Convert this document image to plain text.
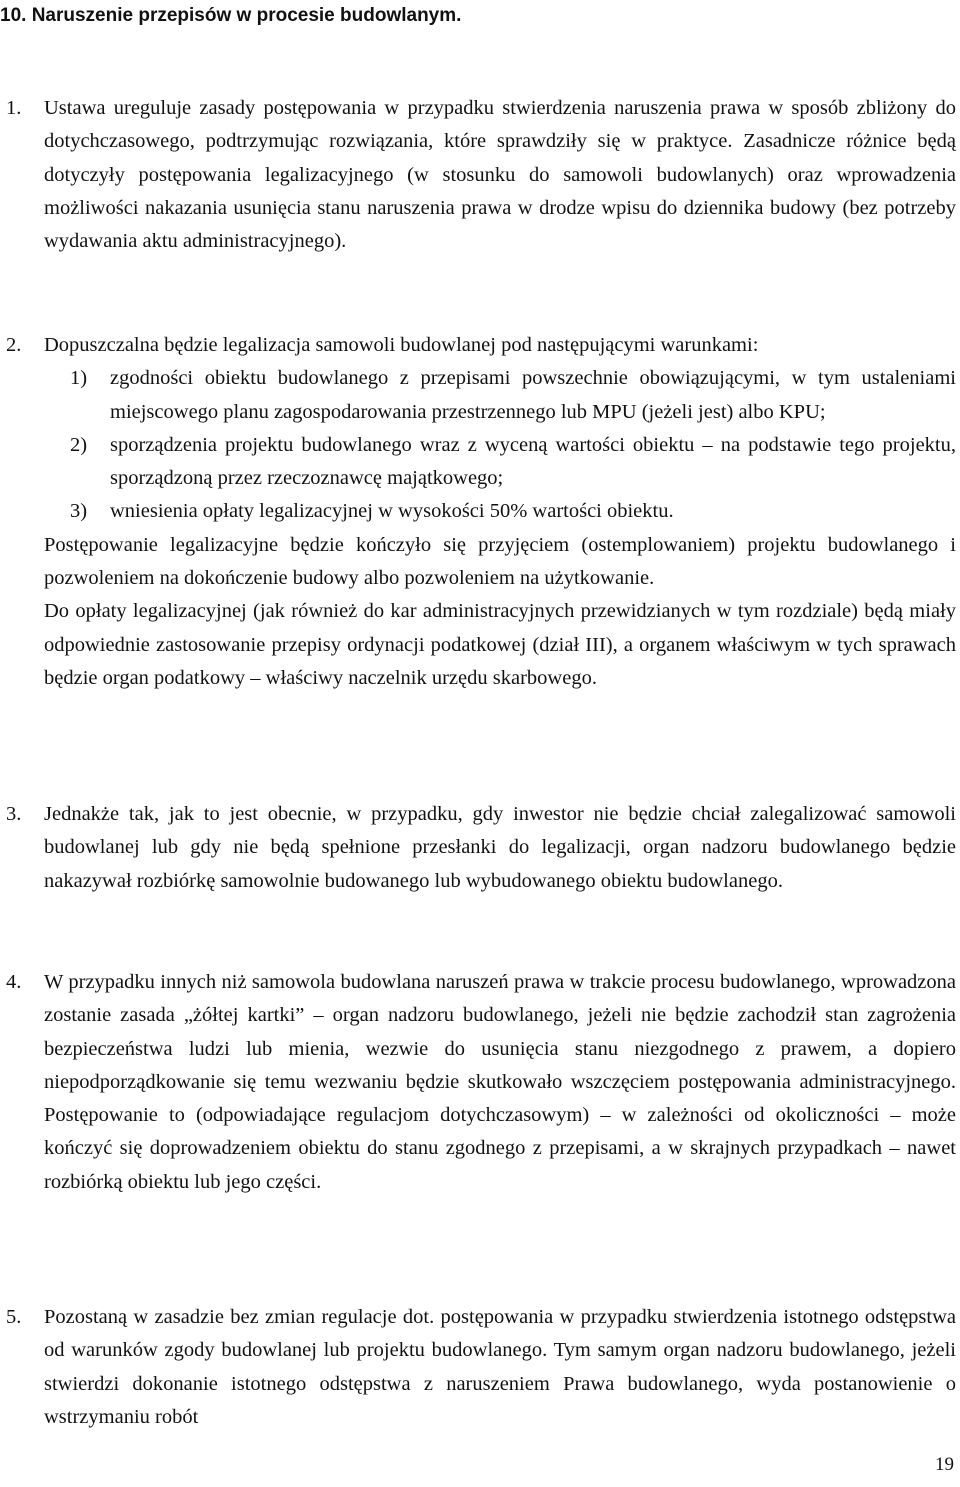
10. Naruszenie przepisów w procesie budowlanym.
1. Ustawa ureguluje zasady postępowania w przypadku stwierdzenia naruszenia prawa w sposób zbliżony do dotychczasowego, podtrzymując rozwiązania, które sprawdziły się w praktyce. Zasadnicze różnice będą dotyczyły postępowania legalizacyjnego (w stosunku do samowoli budowlanych) oraz wprowadzenia możliwości nakazania usunięcia stanu naruszenia prawa w drodze wpisu do dziennika budowy (bez potrzeby wydawania aktu administracyjnego).
2. Dopuszczalna będzie legalizacja samowoli budowlanej pod następującymi warunkami:
1) zgodności obiektu budowlanego z przepisami powszechnie obowiązującymi, w tym ustaleniami miejscowego planu zagospodarowania przestrzennego lub MPU (jeżeli jest) albo KPU;
2) sporządzenia projektu budowlanego wraz z wyceną wartości obiektu – na podstawie tego projektu, sporządzoną przez rzeczoznawcę majątkowego;
3) wniesienia opłaty legalizacyjnej w wysokości 50% wartości obiektu.
Postępowanie legalizacyjne będzie kończyło się przyjęciem (ostemplowaniem) projektu budowlanego i pozwoleniem na dokończenie budowy albo pozwoleniem na użytkowanie.
Do opłaty legalizacyjnej (jak również do kar administracyjnych przewidzianych w tym rozdziale) będą miały odpowiednie zastosowanie przepisy ordynacji podatkowej (dział III), a organem właściwym w tych sprawach będzie organ podatkowy – właściwy naczelnik urzędu skarbowego.
3. Jednakże tak, jak to jest obecnie, w przypadku, gdy inwestor nie będzie chciał zalegalizować samowoli budowlanej lub gdy nie będą spełnione przesłanki do legalizacji, organ nadzoru budowlanego będzie nakazywał rozbiórkę samowolnie budowanego lub wybudowanego obiektu budowlanego.
4. W przypadku innych niż samowola budowlana naruszeń prawa w trakcie procesu budowlanego, wprowadzona zostanie zasada „żółtej kartki” – organ nadzoru budowlanego, jeżeli nie będzie zachodził stan zagrożenia bezpieczeństwa ludzi lub mienia, wezwie do usunięcia stanu niezgodnego z prawem, a dopiero niepodporządkowanie się temu wezwaniu będzie skutkowało wszczęciem postępowania administracyjnego. Postępowanie to (odpowiadające regulacjom dotychczasowym) – w zależności od okoliczności – może kończyć się doprowadzeniem obiektu do stanu zgodnego z przepisami, a w skrajnych przypadkach – nawet rozbiórką obiektu lub jego części.
5. Pozostaną w zasadzie bez zmian regulacje dot. postępowania w przypadku stwierdzenia istotnego odstępstwa od warunków zgody budowlanej lub projektu budowlanego. Tym samym organ nadzoru budowlanego, jeżeli stwierdzi dokonanie istotnego odstępstwa z naruszeniem Prawa budowlanego, wyda postanowienie o wstrzymaniu robót
19
